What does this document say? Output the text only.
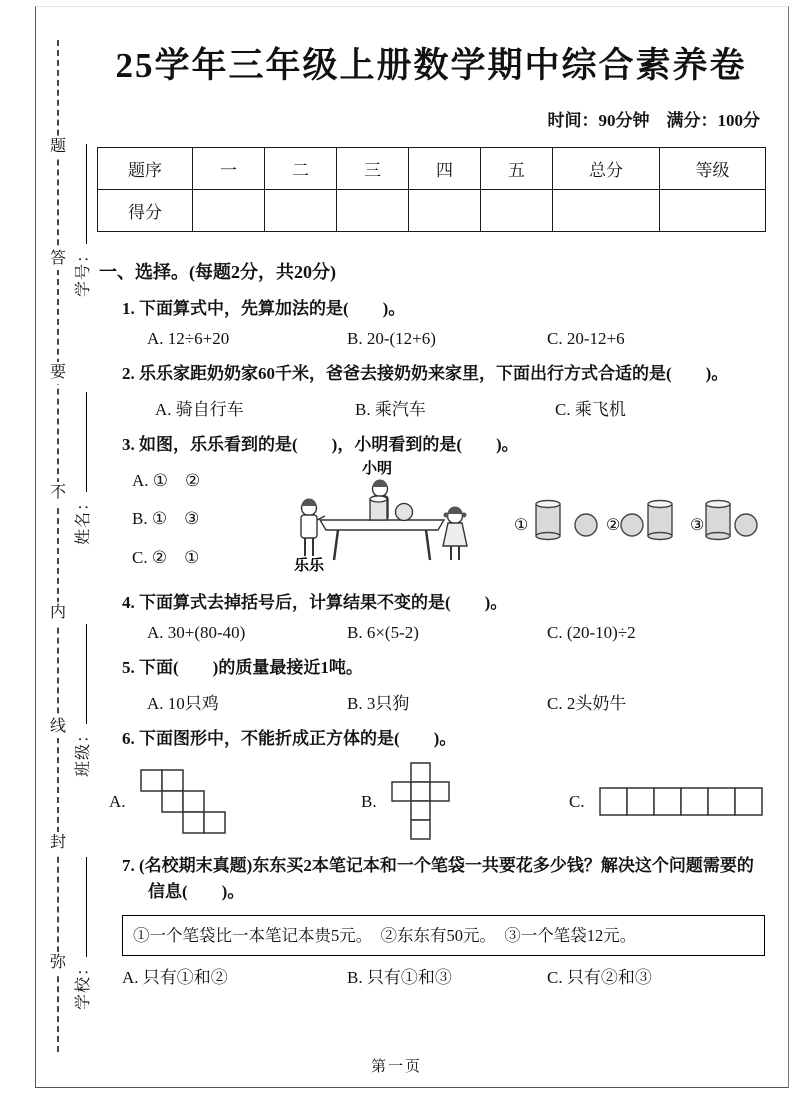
题
答
要
不
内
线
封
弥
学号：
姓名：
班级：
学校：
25学年三年级上册数学期中综合素养卷
时间：90分钟　满分：100分
题序	一	二	三	四	五	总分	等级
得分							
一、选择。(每题2分，共20分)
1. 下面算式中，先算加法的是(　　)。
A. 12÷6+20	B. 20-(12+6)	C. 20-12+6
2. 乐乐家距奶奶家60千米，爸爸去接奶奶来家里，下面出行方式合适的是(　　)。
A. 骑自行车	B. 乘汽车	C. 乘飞机
3. 如图，乐乐看到的是(　　)，小明看到的是(　　)。
A. ①　②
B. ①　③
C. ②　①
小明
乐乐
①	②	③
4. 下面算式去掉括号后，计算结果不变的是(　　)。
A. 30+(80-40)	B. 6×(5-2)	C. (20-10)÷2
5. 下面(　　)的质量最接近1吨。
A. 10只鸡	B. 3只狗	C. 2头奶牛
6. 下面图形中，不能折成正方体的是(　　)。
A.	B.	C.
7. (名校期末真题)东东买2本笔记本和一个笔袋一共要花多少钱？解决这个问题需要的信息(　　)。
①一个笔袋比一本笔记本贵5元。　②东东有50元。　③一个笔袋12元。
A. 只有①和②	B. 只有①和③	C. 只有②和③
第一页
